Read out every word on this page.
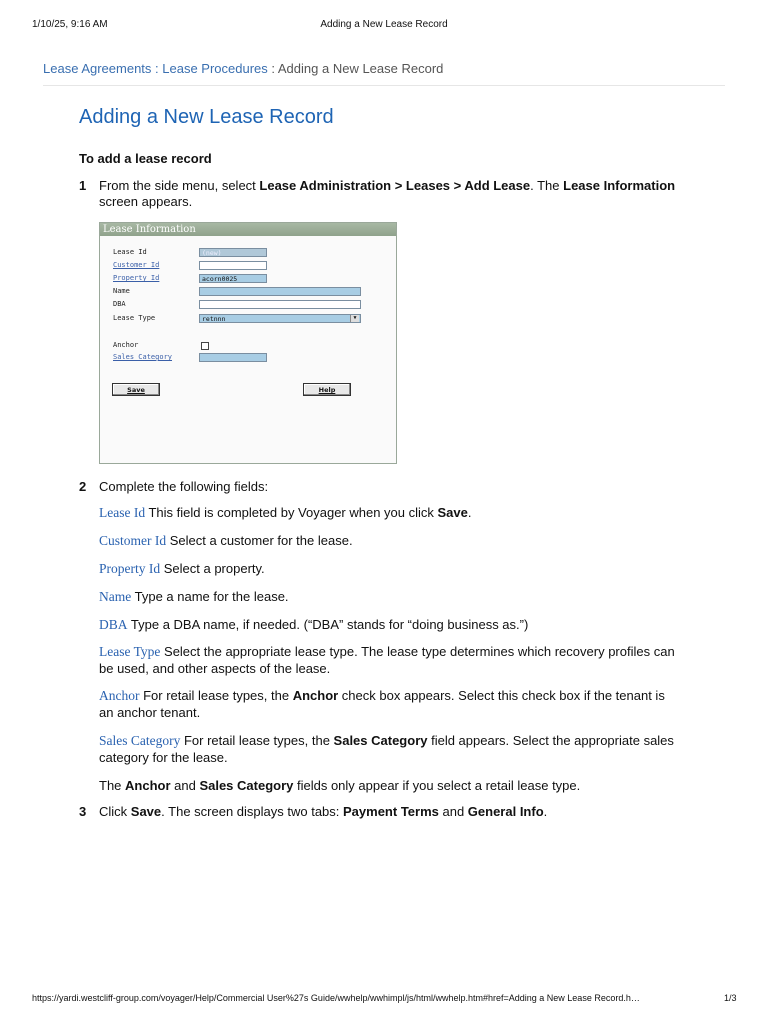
1/10/25, 9:16 AM	Adding a New Lease Record
Lease Agreements : Lease Procedures : Adding a New Lease Record
Adding a New Lease Record
To add a lease record
1 From the side menu, select Lease Administration > Leases > Add Lease. The Lease Information screen appears.
Lease Information
Lease Id	(new)
Customer Id
Property Id	acorn0025
Name
DBA
Lease Type	retnnn	▼
Anchor
Sales Category
Save	Help
2 Complete the following fields:
Lease Id This field is completed by Voyager when you click Save.
Customer Id Select a customer for the lease.
Property Id Select a property.
Name Type a name for the lease.
DBA Type a DBA name, if needed. (“DBA” stands for “doing business as.”)
Lease Type Select the appropriate lease type. The lease type determines which recovery profiles can be used, and other aspects of the lease.
Anchor For retail lease types, the Anchor check box appears. Select this check box if the tenant is an anchor tenant.
Sales Category For retail lease types, the Sales Category field appears. Select the appropriate sales category for the lease.
The Anchor and Sales Category fields only appear if you select a retail lease type.
3 Click Save. The screen displays two tabs: Payment Terms and General Info.
https://yardi.westcliff-group.com/voyager/Help/Commercial User%27s Guide/wwhelp/wwhimpl/js/html/wwhelp.htm#href=Adding a New Lease Record.h…	1/3
